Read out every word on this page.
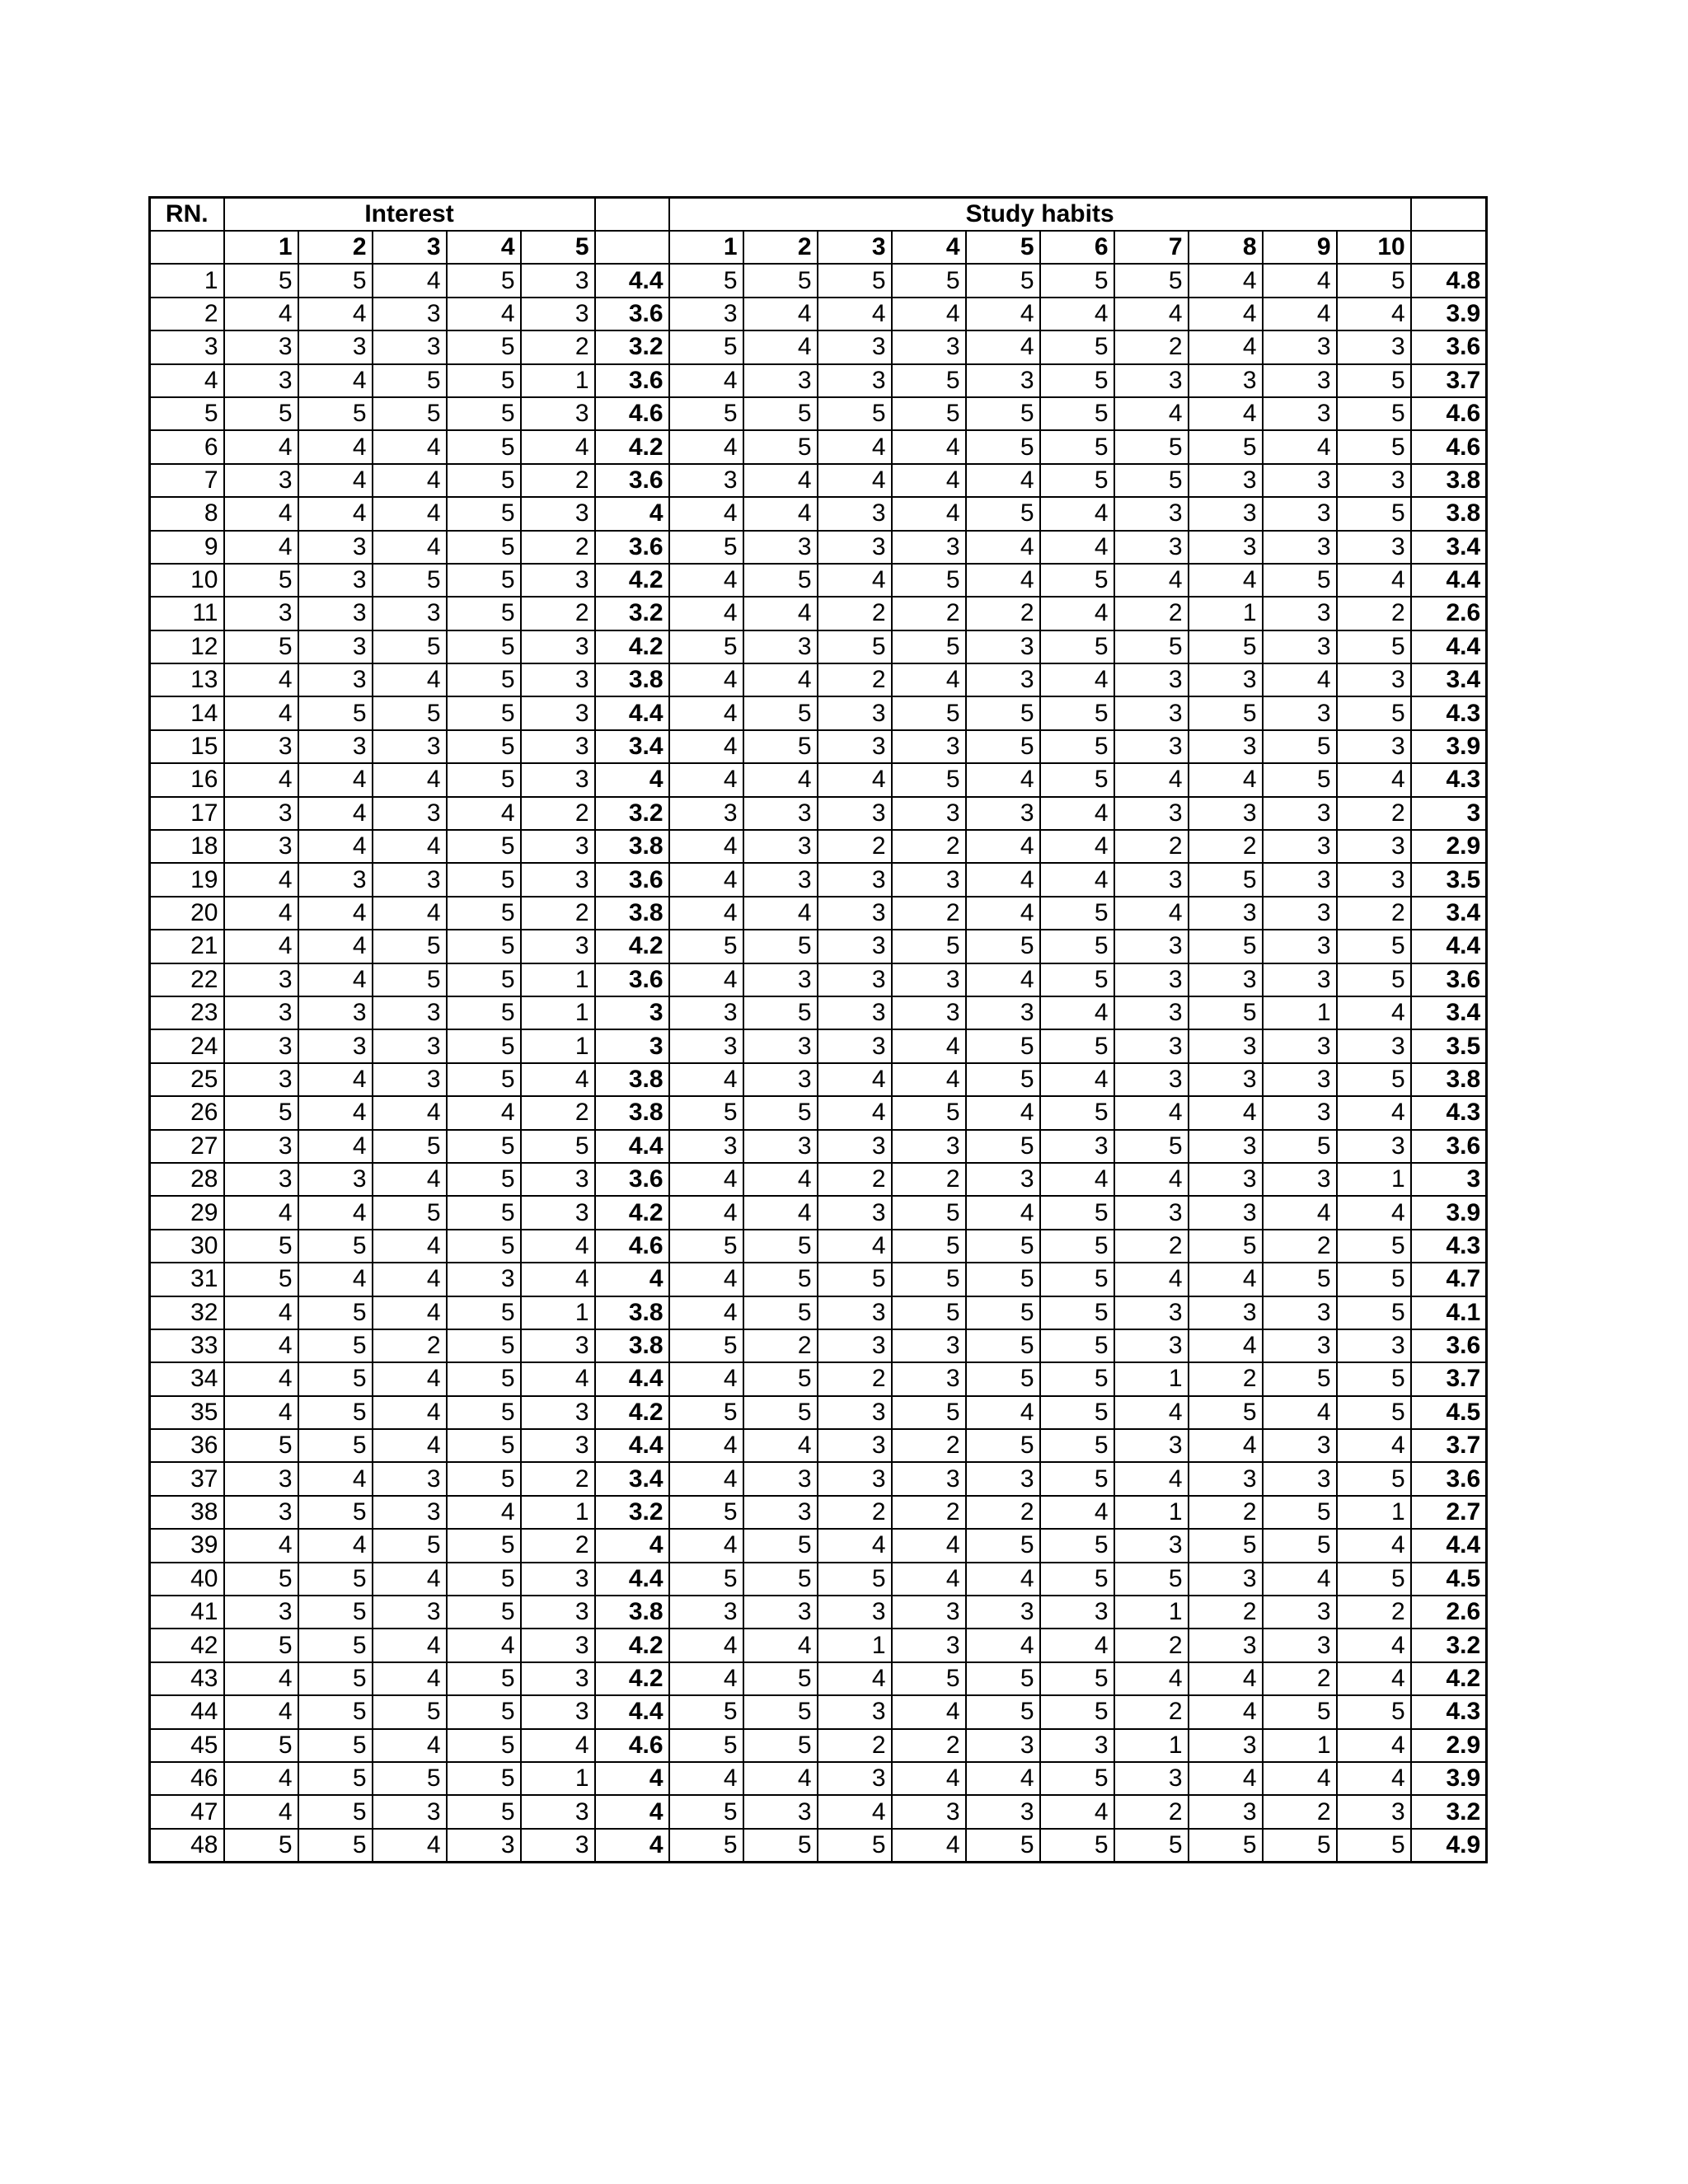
RN.	Interest						Study habits										
	1	2	3	4	5		1	2	3	4	5	6	7	8	9	10	
1	5	5	4	5	3	4.4	5	5	5	5	5	5	5	4	4	5	4.8
2	4	4	3	4	3	3.6	3	4	4	4	4	4	4	4	4	4	3.9
3	3	3	3	5	2	3.2	5	4	3	3	4	5	2	4	3	3	3.6
4	3	4	5	5	1	3.6	4	3	3	5	3	5	3	3	3	5	3.7
5	5	5	5	5	3	4.6	5	5	5	5	5	5	4	4	3	5	4.6
6	4	4	4	5	4	4.2	4	5	4	4	5	5	5	5	4	5	4.6
7	3	4	4	5	2	3.6	3	4	4	4	4	5	5	3	3	3	3.8
8	4	4	4	5	3	4	4	4	3	4	5	4	3	3	3	5	3.8
9	4	3	4	5	2	3.6	5	3	3	3	4	4	3	3	3	3	3.4
10	5	3	5	5	3	4.2	4	5	4	5	4	5	4	4	5	4	4.4
11	3	3	3	5	2	3.2	4	4	2	2	2	4	2	1	3	2	2.6
12	5	3	5	5	3	4.2	5	3	5	5	3	5	5	5	3	5	4.4
13	4	3	4	5	3	3.8	4	4	2	4	3	4	3	3	4	3	3.4
14	4	5	5	5	3	4.4	4	5	3	5	5	5	3	5	3	5	4.3
15	3	3	3	5	3	3.4	4	5	3	3	5	5	3	3	5	3	3.9
16	4	4	4	5	3	4	4	4	4	5	4	5	4	4	5	4	4.3
17	3	4	3	4	2	3.2	3	3	3	3	3	4	3	3	3	2	3
18	3	4	4	5	3	3.8	4	3	2	2	4	4	2	2	3	3	2.9
19	4	3	3	5	3	3.6	4	3	3	3	4	4	3	5	3	3	3.5
20	4	4	4	5	2	3.8	4	4	3	2	4	5	4	3	3	2	3.4
21	4	4	5	5	3	4.2	5	5	3	5	5	5	3	5	3	5	4.4
22	3	4	5	5	1	3.6	4	3	3	3	4	5	3	3	3	5	3.6
23	3	3	3	5	1	3	3	5	3	3	3	4	3	5	1	4	3.4
24	3	3	3	5	1	3	3	3	3	4	5	5	3	3	3	3	3.5
25	3	4	3	5	4	3.8	4	3	4	4	5	4	3	3	3	5	3.8
26	5	4	4	4	2	3.8	5	5	4	5	4	5	4	4	3	4	4.3
27	3	4	5	5	5	4.4	3	3	3	3	5	3	5	3	5	3	3.6
28	3	3	4	5	3	3.6	4	4	2	2	3	4	4	3	3	1	3
29	4	4	5	5	3	4.2	4	4	3	5	4	5	3	3	4	4	3.9
30	5	5	4	5	4	4.6	5	5	4	5	5	5	2	5	2	5	4.3
31	5	4	4	3	4	4	4	5	5	5	5	5	4	4	5	5	4.7
32	4	5	4	5	1	3.8	4	5	3	5	5	5	3	3	3	5	4.1
33	4	5	2	5	3	3.8	5	2	3	3	5	5	3	4	3	3	3.6
34	4	5	4	5	4	4.4	4	5	2	3	5	5	1	2	5	5	3.7
35	4	5	4	5	3	4.2	5	5	3	5	4	5	4	5	4	5	4.5
36	5	5	4	5	3	4.4	4	4	3	2	5	5	3	4	3	4	3.7
37	3	4	3	5	2	3.4	4	3	3	3	3	5	4	3	3	5	3.6
38	3	5	3	4	1	3.2	5	3	2	2	2	4	1	2	5	1	2.7
39	4	4	5	5	2	4	4	5	4	4	5	5	3	5	5	4	4.4
40	5	5	4	5	3	4.4	5	5	5	4	4	5	5	3	4	5	4.5
41	3	5	3	5	3	3.8	3	3	3	3	3	3	1	2	3	2	2.6
42	5	5	4	4	3	4.2	4	4	1	3	4	4	2	3	3	4	3.2
43	4	5	4	5	3	4.2	4	5	4	5	5	5	4	4	2	4	4.2
44	4	5	5	5	3	4.4	5	5	3	4	5	5	2	4	5	5	4.3
45	5	5	4	5	4	4.6	5	5	2	2	3	3	1	3	1	4	2.9
46	4	5	5	5	1	4	4	4	3	4	4	5	3	4	4	4	3.9
47	4	5	3	5	3	4	5	3	4	3	3	4	2	3	2	3	3.2
48	5	5	4	3	3	4	5	5	5	4	5	5	5	5	5	5	4.9
